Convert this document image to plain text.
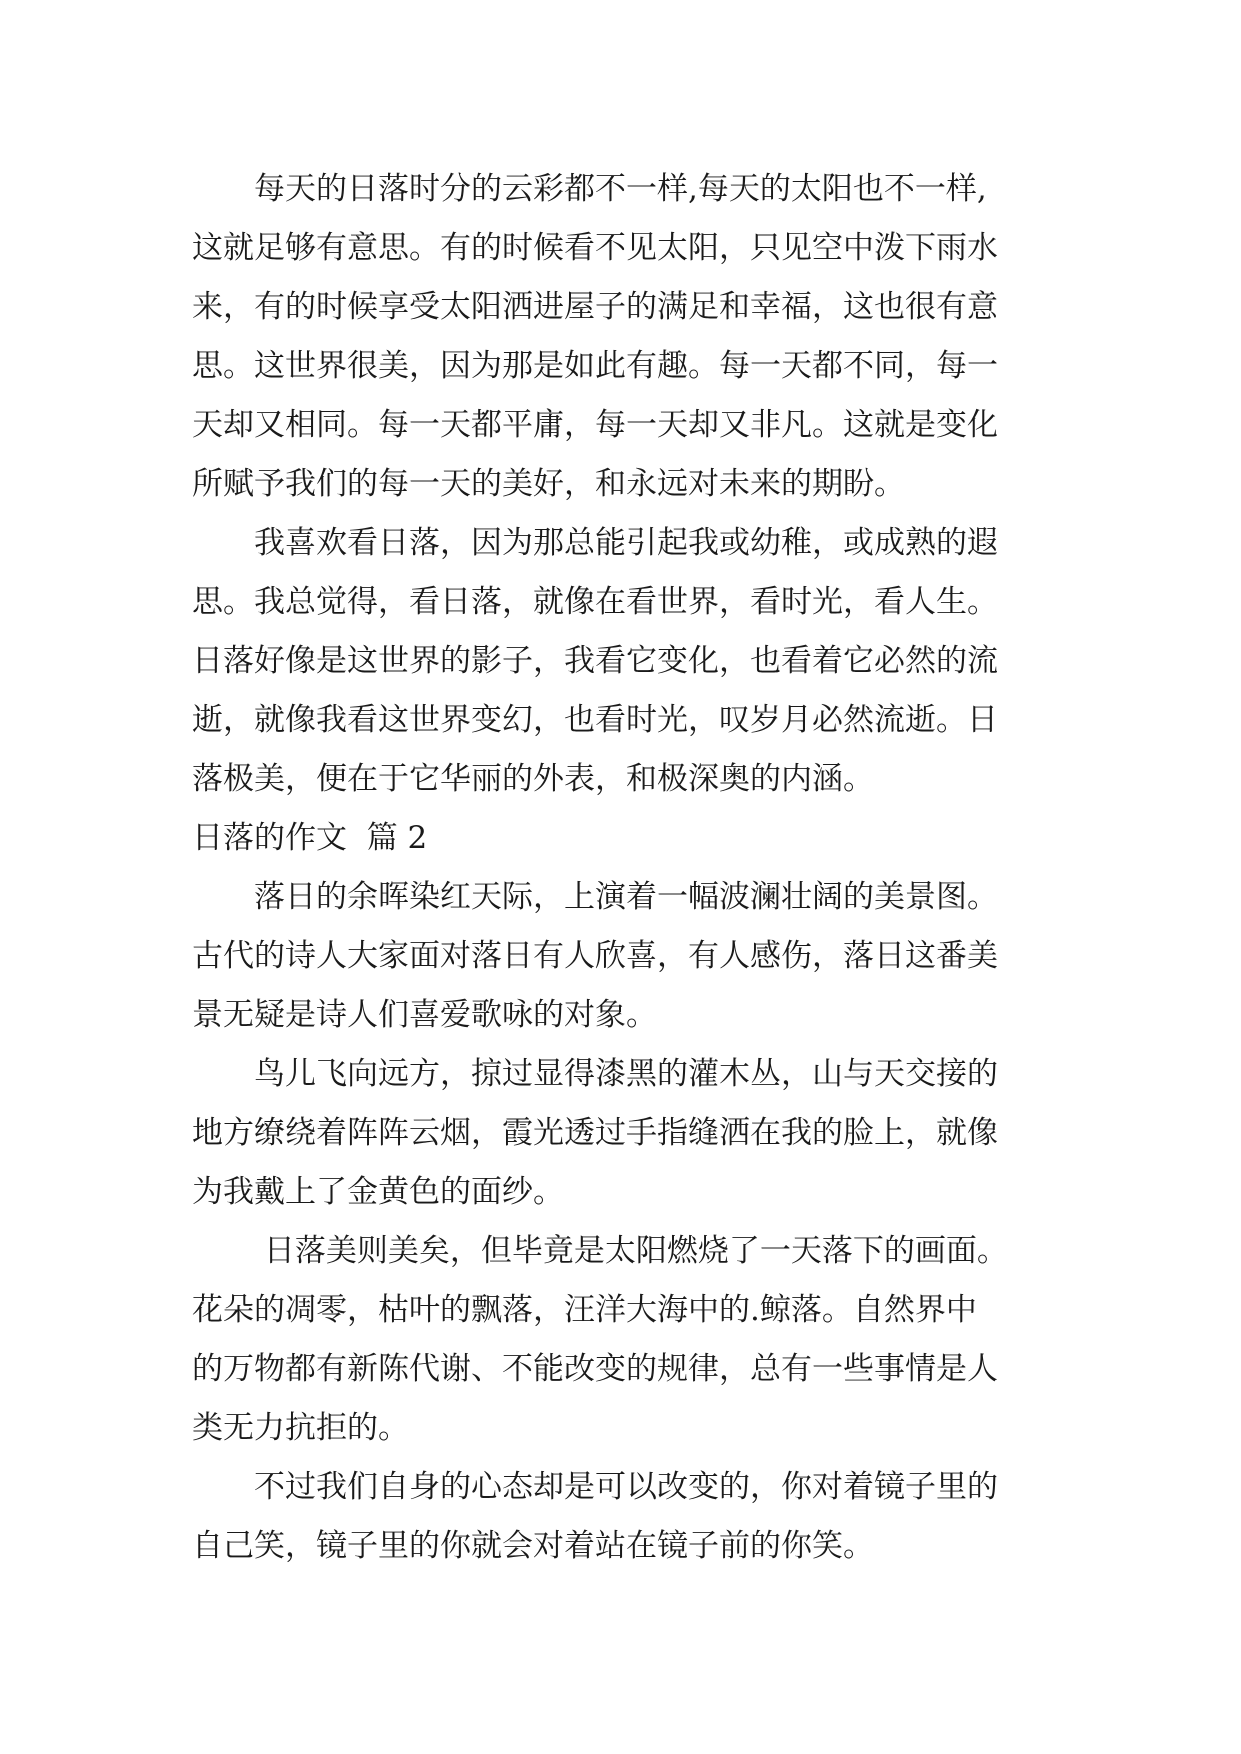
每天的日落时分的云彩都不一样,每天的太阳也不一样,
这就足够有意思。有的时候看不见太阳，只见空中泼下雨水
来，有的时候享受太阳洒进屋子的满足和幸福，这也很有意
思。这世界很美，因为那是如此有趣。每一天都不同，每一
天却又相同。每一天都平庸，每一天却又非凡。这就是变化
所赋予我们的每一天的美好，和永远对未来的期盼。
我喜欢看日落，因为那总能引起我或幼稚，或成熟的遐
思。我总觉得，看日落，就像在看世界，看时光，看人生。
日落好像是这世界的影子，我看它变化，也看着它必然的流
逝，就像我看这世界变幻，也看时光，叹岁月必然流逝。日
落极美，便在于它华丽的外表，和极深奥的内涵。
日落的作文  篇 2
落日的余晖染红天际，上演着一幅波澜壮阔的美景图。
古代的诗人大家面对落日有人欣喜，有人感伤，落日这番美
景无疑是诗人们喜爱歌咏的对象。
鸟儿飞向远方，掠过显得漆黑的灌木丛，山与天交接的
地方缭绕着阵阵云烟，霞光透过手指缝洒在我的脸上，就像
为我戴上了金黄色的面纱。
日落美则美矣，但毕竟是太阳燃烧了一天落下的画面。
花朵的凋零，枯叶的飘落，汪洋大海中的.鲸落。自然界中
的万物都有新陈代谢、不能改变的规律，总有一些事情是人
类无力抗拒的。
不过我们自身的心态却是可以改变的，你对着镜子里的
自己笑，镜子里的你就会对着站在镜子前的你笑。
